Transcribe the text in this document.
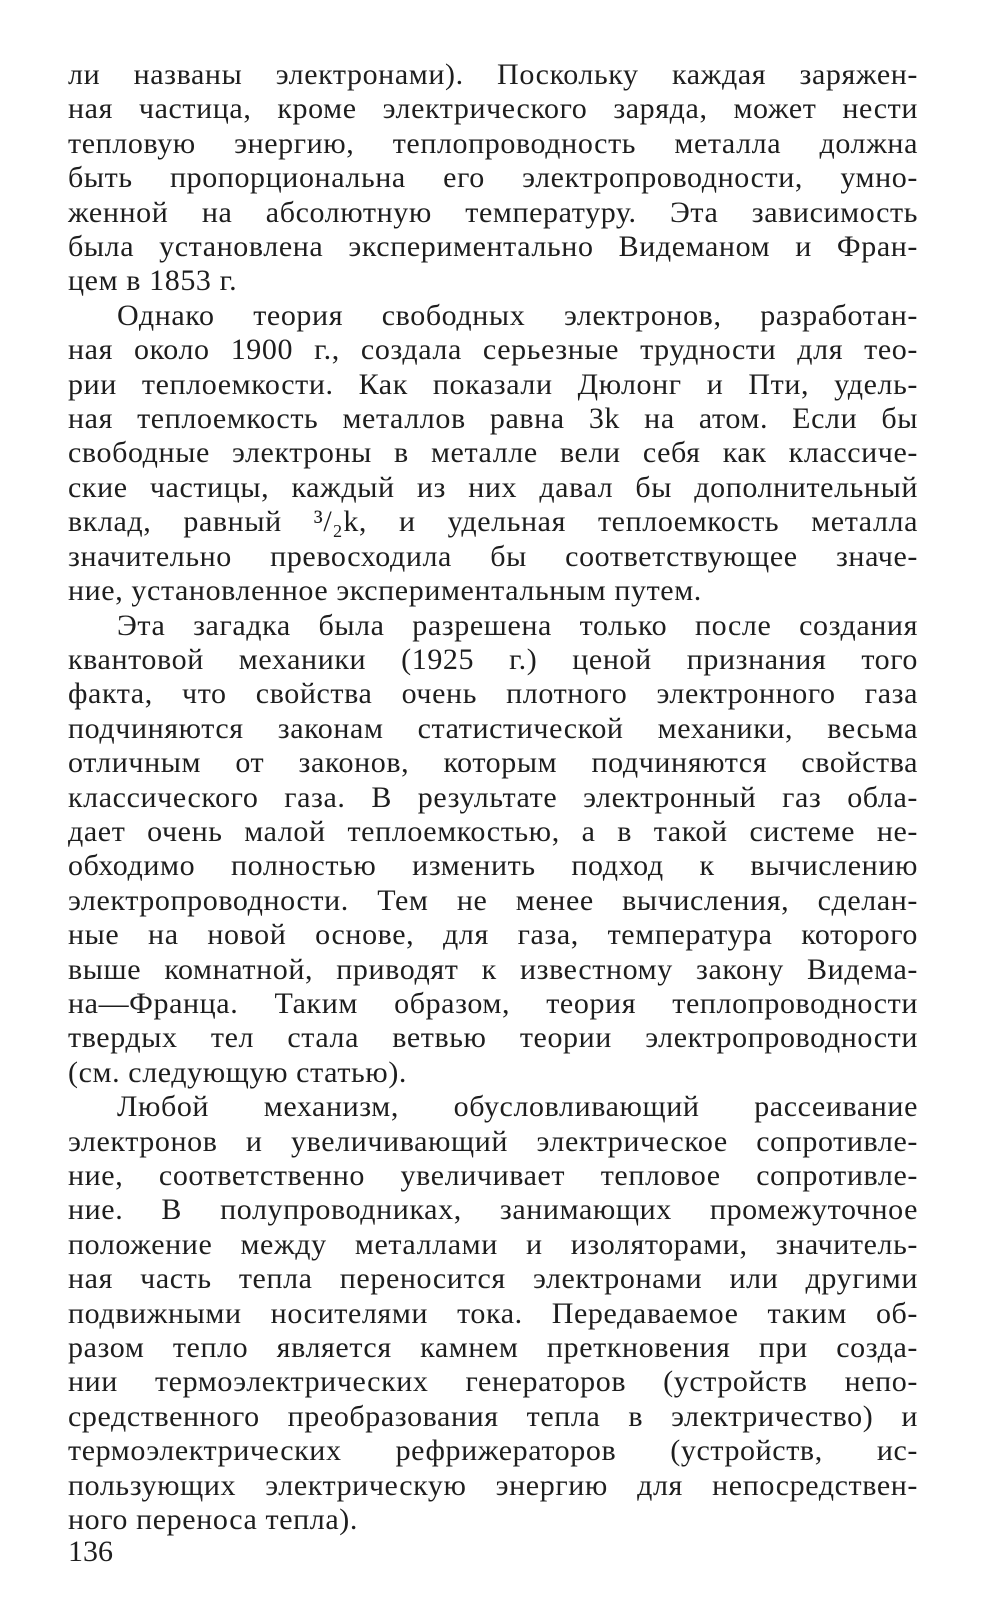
ли названы электронами). Поскольку каждая заряжен-
ная частица, кроме электрического заряда, может нести
тепловую энергию, теплопроводность металла должна
быть пропорциональна его электропроводности, умно-
женной на абсолютную температуру. Эта зависимость
была установлена экспериментально Видеманом и Фран-
цем в 1853 г.
Однако теория свободных электронов, разработан-
ная около 1900 г., создала серьезные трудности для тео-
рии теплоемкости. Как показали Дюлонг и Пти, удель-
ная теплоемкость металлов равна 3k на атом. Если бы
свободные электроны в металле вели себя как классиче-
ские частицы, каждый из них давал бы дополнительный
вклад, равный ³/₂k, и удельная теплоемкость металла
значительно превосходила бы соответствующее значе-
ние, установленное экспериментальным путем.
Эта загадка была разрешена только после создания
квантовой механики (1925 г.) ценой признания того
факта, что свойства очень плотного электронного газа
подчиняются законам статистической механики, весьма
отличным от законов, которым подчиняются свойства
классического газа. В результате электронный газ обла-
дает очень малой теплоемкостью, а в такой системе не-
обходимо полностью изменить подход к вычислению
электропроводности. Тем не менее вычисления, сделан-
ные на новой основе, для газа, температура которого
выше комнатной, приводят к известному закону Видема-
на—Франца. Таким образом, теория теплопроводности
твердых тел стала ветвью теории электропроводности
(см. следующую статью).
Любой механизм, обусловливающий рассеивание
электронов и увеличивающий электрическое сопротивле-
ние, соответственно увеличивает тепловое сопротивле-
ние. В полупроводниках, занимающих промежуточное
положение между металлами и изоляторами, значитель-
ная часть тепла переносится электронами или другими
подвижными носителями тока. Передаваемое таким об-
разом тепло является камнем преткновения при созда-
нии термоэлектрических генераторов (устройств непо-
средственного преобразования тепла в электричество) и
термоэлектрических рефрижераторов (устройств, ис-
пользующих электрическую энергию для непосредствен-
ного переноса тепла).
136
